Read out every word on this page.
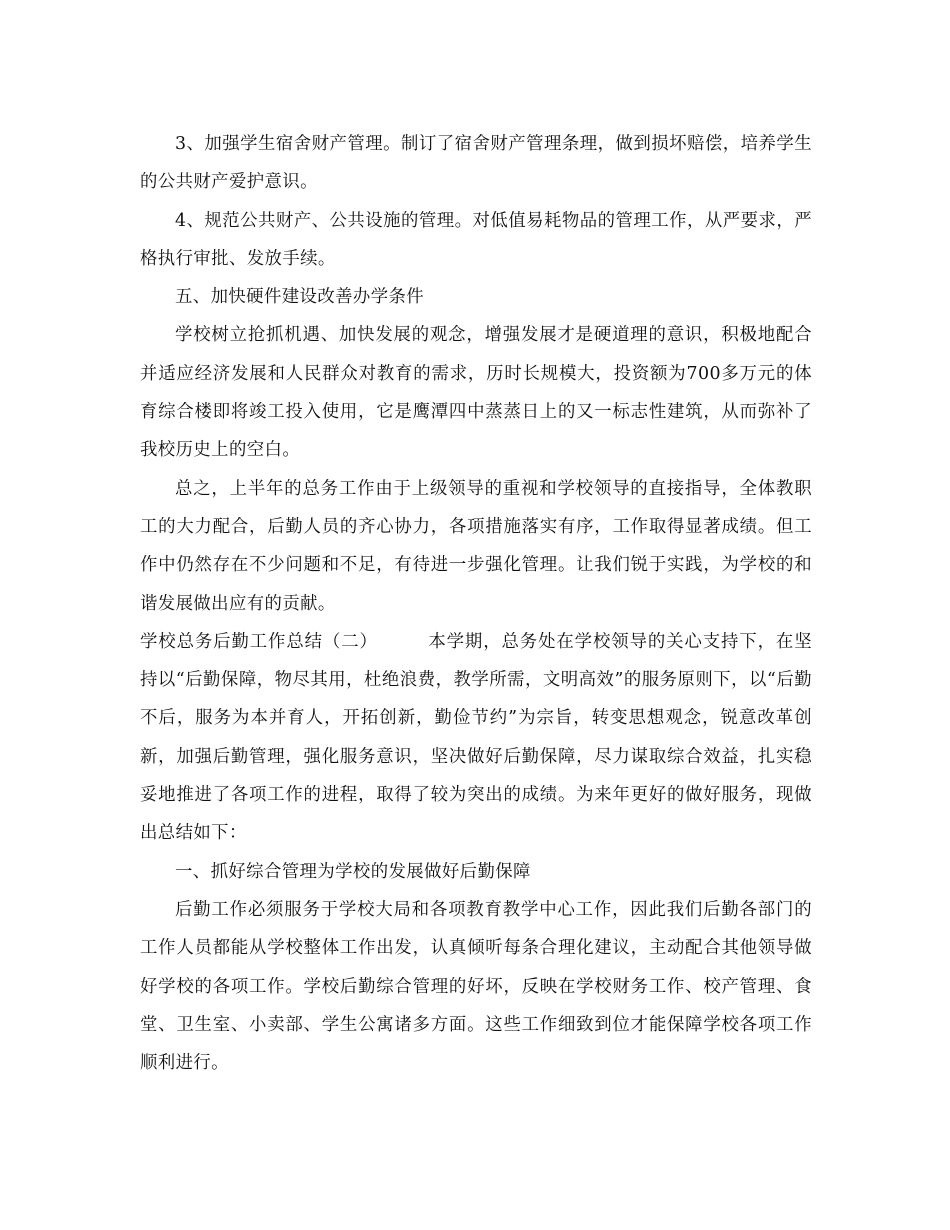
3、加强学生宿舍财产管理。制订了宿舍财产管理条理，做到损坏赔偿，培养学生的公共财产爱护意识。

4、规范公共财产、公共设施的管理。对低值易耗物品的管理工作，从严要求，严格执行审批、发放手续。

五、加快硬件建设改善办学条件

学校树立抢抓机遇、加快发展的观念，增强发展才是硬道理的意识，积极地配合并适应经济发展和人民群众对教育的需求，历时长规模大，投资额为700多万元的体育综合楼即将竣工投入使用，它是鹰潭四中蒸蒸日上的又一标志性建筑，从而弥补了我校历史上的空白。

总之，上半年的总务工作由于上级领导的重视和学校领导的直接指导，全体教职工的大力配合，后勤人员的齐心协力，各项措施落实有序，工作取得显著成绩。但工作中仍然存在不少问题和不足，有待进一步强化管理。让我们锐于实践，为学校的和谐发展做出应有的贡献。

学校总务后勤工作总结（二）	本学期，总务处在学校领导的关心支持下，在坚持以“后勤保障，物尽其用，杜绝浪费，教学所需，文明高效”的服务原则下，以“后勤不后，服务为本并育人，开拓创新，勤俭节约”为宗旨，转变思想观念，锐意改革创新，加强后勤管理，强化服务意识，坚决做好后勤保障，尽力谋取综合效益，扎实稳妥地推进了各项工作的进程，取得了较为突出的成绩。为来年更好的做好服务，现做出总结如下：

一、抓好综合管理为学校的发展做好后勤保障

后勤工作必须服务于学校大局和各项教育教学中心工作，因此我们后勤各部门的工作人员都能从学校整体工作出发，认真倾听每条合理化建议，主动配合其他领导做好学校的各项工作。学校后勤综合管理的好坏，反映在学校财务工作、校产管理、食堂、卫生室、小卖部、学生公寓诸多方面。这些工作细致到位才能保障学校各项工作顺利进行。
